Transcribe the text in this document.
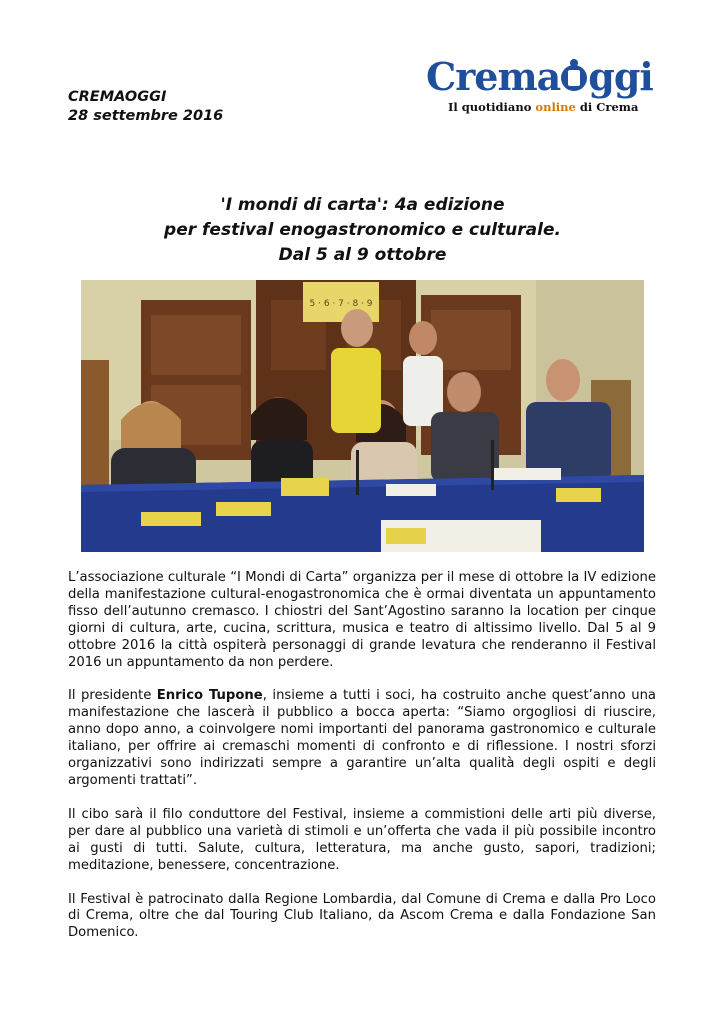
CREMAOGGI
28 settembre 2016
Crema ggi
Il quotidiano online di Crema
'I mondi di carta': 4a edizione
per festival enogastronomico e culturale.
Dal 5 al 9 ottobre
5 · 6 · 7 · 8 · 9

L’associazione culturale “I Mondi di Carta” organizza per il mese di ottobre la IV edizione della manifestazione cultural-enogastronomica che è ormai diventata un appuntamento fisso dell’autunno cremasco. I chiostri del Sant’Agostino saranno la location per cinque giorni di cultura, arte, cucina, scrittura, musica e teatro di altissimo livello. Dal 5 al 9 ottobre 2016 la città ospiterà personaggi di grande levatura che renderanno il Festival 2016 un appuntamento da non perdere.

Il presidente Enrico Tupone, insieme a tutti i soci, ha costruito anche quest’anno una manifestazione che lascerà il pubblico a bocca aperta: “Siamo orgogliosi di riuscire, anno dopo anno, a coinvolgere nomi importanti del panorama gastronomico e culturale italiano, per offrire ai cremaschi momenti di confronto e di riflessione. I nostri sforzi organizzativi sono indirizzati sempre a garantire un’alta qualità degli ospiti e degli argomenti trattati”.

Il cibo sarà il filo conduttore del Festival, insieme a commistioni delle arti più diverse, per dare al pubblico una varietà di stimoli e un’offerta che vada il più possibile incontro ai gusti di tutti. Salute, cultura, letteratura, ma anche gusto, sapori, tradizioni; meditazione, benessere, concentrazione.

Il Festival è patrocinato dalla Regione Lombardia, dal Comune di Crema e dalla Pro Loco di Crema, oltre che dal Touring Club Italiano, da Ascom Crema e dalla Fondazione San Domenico.
